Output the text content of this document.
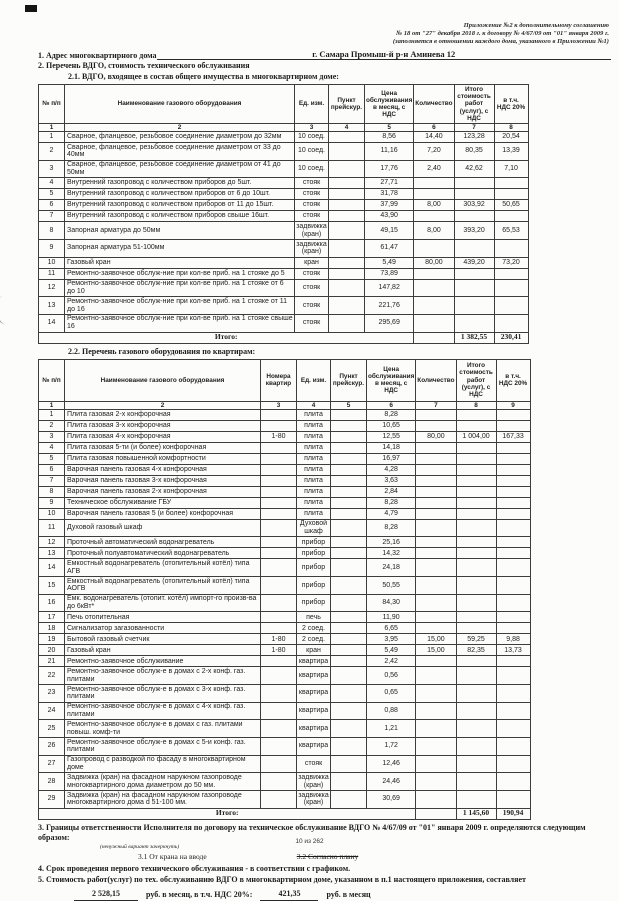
Приложение №2 к дополнительному соглашению
№ 18 от "27" декабря 2018 г. к договору № 4/67/09 от "01" января 2009 г.
(заполняется в отношении каждого дома, указанного в Приложении №1)
1. Адрес многоквартирного дома	г. Самара Промыш-й р-н Аминева 12
2. Перечень ВДГО, стоимость технического обслуживания
2.1. ВДГО, входящее в состав общего имущества в многоквартирном доме:
№ п/п	Наименование газового оборудования	Ед. изм.	Пункт прейскур.	Цена обслуживания в месяц, с НДС	Количество	Итого стоимость работ (услуг), с НДС	в т.ч. НДС 20%
1	2	3	4	5	6	7	8
1	Сварное, фланцевое, резьбовое соединение диаметром до 32мм	10 соед.		8,56	14,40	123,28	20,54
2	Сварное, фланцевое, резьбовое соединение диаметром от 33 до 40мм	10 соед.		11,16	7,20	80,35	13,39
3	Сварное, фланцевое, резьбовое соединение диаметром от 41 до 50мм	10 соед.		17,76	2,40	42,62	7,10
4	Внутренний газопровод с количеством приборов до 5шт.	стояк		27,71			
5	Внутренний газопровод с количеством приборов от 6 до 10шт.	стояк		31,78			
6	Внутренний газопровод с количеством приборов от 11 до 15шт.	стояк		37,99	8,00	303,92	50,65
7	Внутренний газопровод с количеством приборов свыше 16шт.	стояк		43,90			
8	Запорная арматура до 50мм	задвижка (кран)		49,15	8,00	393,20	65,53
9	Запорная арматура 51-100мм	задвижка (кран)		61,47			
10	Газовый кран	кран		5,49	80,00	439,20	73,20
11	Ремонтно-заявочное обслуж-ние при кол-ве приб. на 1 стояке до 5	стояк		73,89			
12	Ремонтно-заявочное обслуж-ние при кол-ве приб. на 1 стояке от 6 до 10	стояк		147,82			
13	Ремонтно-заявочное обслуж-ние при кол-ве приб. на 1 стояке от 11 до 16	стояк		221,76			
14	Ремонтно-заявочное обслуж-ние при кол-ве приб. на 1 стояке свыше 16	стояк		295,69			
Итого:						1 382,55	230,41
2.2. Перечень газового оборудования по квартирам:
№ п/п	Наименование газового оборудования	Номера квартир	Ед. изм.	Пункт прейскур.	Цена обслуживания в месяц, с НДС	Количество	Итого стоимость работ (услуг), с НДС	в т.ч. НДС 20%
1	2	3	4	5	6	7	8	9
1	Плита газовая 2-х конфорочная		плита		8,28			
2	Плита газовая 3-х конфорочная		плита		10,65			
3	Плита газовая 4-х конфорочная	1-80	плита		12,55	80,00	1 004,00	167,33
4	Плита газовая 5-ти (и более) конфорочная		плита		14,18			
5	Плита газовая повышенной комфортности		плита		16,97			
6	Варочная панель газовая 4-х конфорочная		плита		4,28			
7	Варочная панель газовая 3-х конфорочная		плита		3,63			
8	Варочная панель газовая 2-х конфорочная		плита		2,84			
9	Техническое обслуживание ГБУ		плита		8,28			
10	Варочная панель газовая 5 (и более) конфорочная		плита		4,79			
11	Духовой газовый шкаф		Духовой шкаф		8,28			
12	Проточный автоматический водонагреватель		прибор		25,16			
13	Проточный полуавтоматический водонагреватель		прибор		14,32			
14	Емкостный водонагреватель (отопительный котёл) типа АГВ		прибор		24,18			
15	Емкостный водонагреватель (отопительный котёл) типа АОГВ		прибор		50,55			
16	Емк. водонагреватель (отопит. котёл) импорт-го произв-ва до 6кВт*		прибор		84,30			
17	Печь отопительная		печь		11,90			
18	Сигнализатор загазованности		2 соед.		6,65			
19	Бытовой газовый счетчик	1-80	2 соед.		3,95	15,00	59,25	9,88
20	Газовый кран	1-80	кран		5,49	15,00	82,35	13,73
21	Ремонтно-заявочное обслуживание		квартира		2,42			
22	Ремонтно-заявочное обслуж-е в домах с 2-х конф. газ. плитами		квартира		0,56			
23	Ремонтно-заявочное обслуж-е в домах с 3-х конф. газ. плитами		квартира		0,65			
24	Ремонтно-заявочное обслуж-е в домах с 4-х конф. газ. плитами		квартира		0,88			
25	Ремонтно-заявочное обслуж-е в домах с газ. плитами повыш. комф-ти		квартира		1,21			
26	Ремонтно-заявочное обслуж-е в домах с 5-и конф. газ. плитами		квартира		1,72			
27	Газопровод с разводкой по фасаду в многоквартирном доме		стояк		12,46			
28	Задвижка (кран) на фасадном наружном газопроводе многоквартирного дома диаметром до 50 мм.		задвижка (кран)		24,46			
29	Задвижка (кран) на фасадном наружном газопроводе многоквартирного дома d 51-100 мм.		задвижка (кран)		30,69			
Итого:							1 145,60	190,94
3. Границы ответственности Исполнителя по договору на техническое обслуживание ВДГО № 4/67/09 от "01" января 2009 г. определяются следующим образом:
(ненужный вариант зачеркнуть)
3.1 От крана на вводе	3.2 Согласно плану
4. Срок проведения первого технического обслуживания - в соответствии с графиком.
5. Стоимость работ(услуг) по тех. обслуживанию ВДГО в многоквартирном доме, указанном в п.1 настоящего приложения, составляет
2 528,15	руб. в месяц, в т.ч. НДС 20%:	421,35	руб. в месяц
10 из 262
